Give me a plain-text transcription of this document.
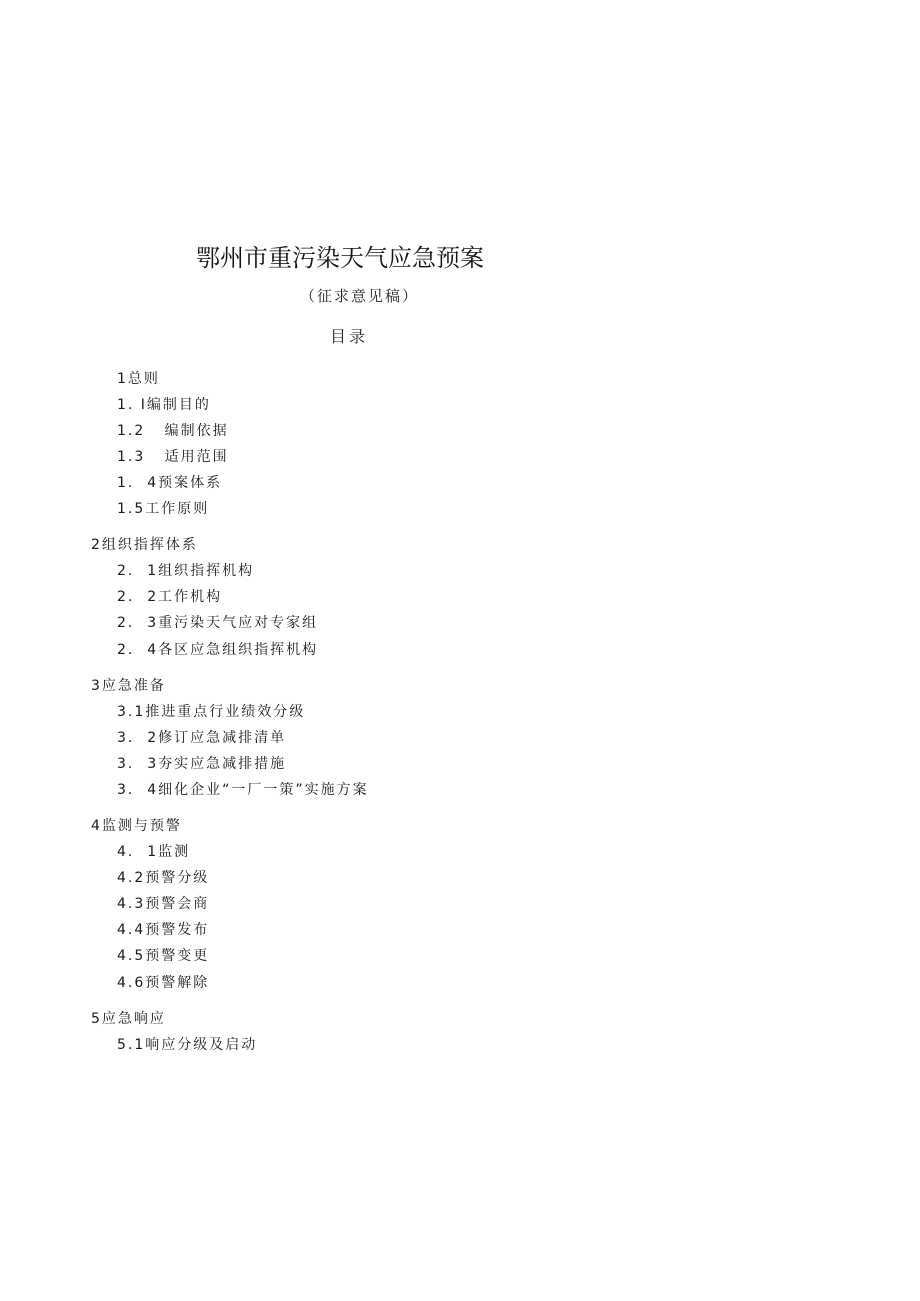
鄂州市重污染天气应急预案
（征求意见稿）
目录
1总则
1. I编制目的
1.2   编制依据
1.3   适用范围
1.  4预案体系
1.5工作原则
2组织指挥体系
2.  1组织指挥机构
2.  2工作机构
2.  3重污染天气应对专家组
2.  4各区应急组织指挥机构
3应急准备
3.1推进重点行业绩效分级
3.  2修订应急减排清单
3.  3夯实应急减排措施
3.  4细化企业“一厂一策”实施方案
4监测与预警
4.  1监测
4.2预警分级
4.3预警会商
4.4预警发布
4.5预警变更
4.6预警解除
5应急响应
5.1响应分级及启动
